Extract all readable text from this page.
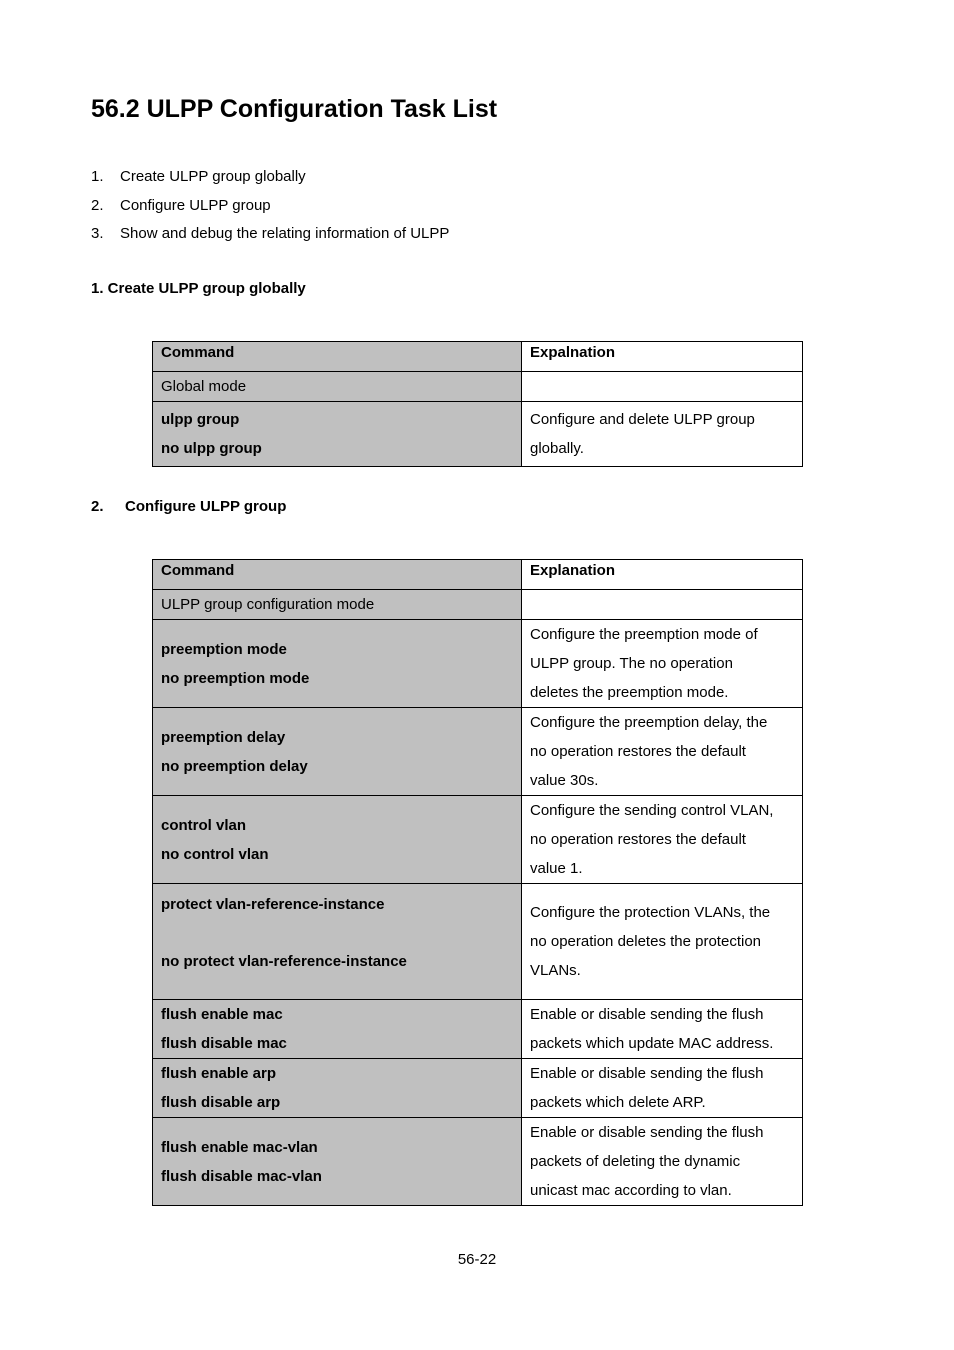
56.2 ULPP Configuration Task List
1.	Create ULPP group globally
2.	Configure ULPP group
3.	Show and debug the relating information of ULPP

1. Create ULPP group globally

Command	Expalnation
Global mode	

ulpp group
no ulpp group	Configure and delete ULPP group
globally.

2. Configure ULPP group

Command	Explanation
ULPP group configuration mode	

preemption mode
no preemption mode	Configure the preemption mode of
ULPP group. The no operation
deletes the preemption mode.

preemption delay
no preemption delay	Configure the preemption delay, the
no operation restores the default
value 30s.

control vlan
no control vlan	Configure the sending control VLAN,
no operation restores the default
value 1.

protect vlan-reference-instance
no protect vlan-reference-instance	Configure the protection VLANs, the
no operation deletes the protection
VLANs.

flush enable mac
flush disable mac	Enable or disable sending the flush
packets which update MAC address.

flush enable arp
flush disable arp	Enable or disable sending the flush
packets which delete ARP.

flush enable mac-vlan
flush disable mac-vlan	Enable or disable sending the flush
packets of deleting the dynamic
unicast mac according to vlan.
56-22
